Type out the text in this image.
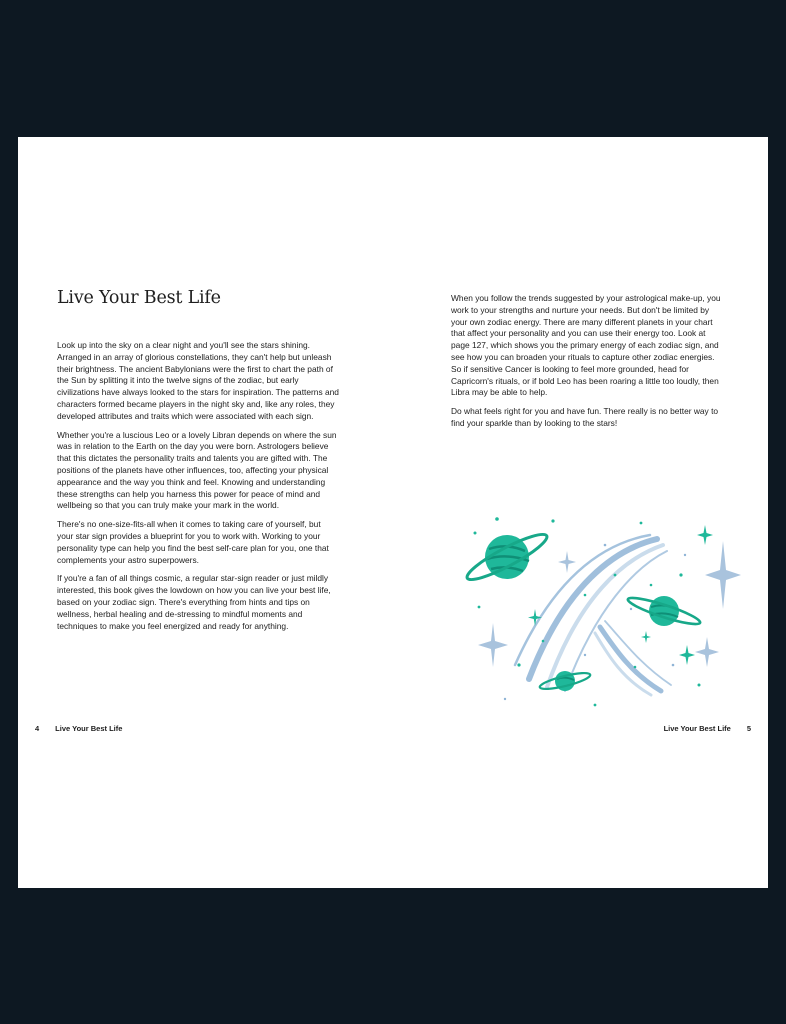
Live Your Best Life

Look up into the sky on a clear night and you'll see the stars shining. Arranged in an array of glorious constellations, they can't help but unleash their brightness. The ancient Babylonians were the first to chart the path of the Sun by splitting it into the twelve signs of the zodiac, but early civilizations have always looked to the stars for inspiration. The patterns and characters formed became players in the night sky and, like any roles, they developed attributes and traits which were associated with each sign.

Whether you're a luscious Leo or a lovely Libran depends on where the sun was in relation to the Earth on the day you were born. Astrologers believe that this dictates the personality traits and talents you are gifted with. The positions of the planets have other influences, too, affecting your physical appearance and the way you think and feel. Knowing and understanding these strengths can help you harness this power for peace of mind and wellbeing so that you can truly make your mark in the world.

There's no one-size-fits-all when it comes to taking care of yourself, but your star sign provides a blueprint for you to work with. Working to your personality type can help you find the best self-care plan for you, one that complements your astro superpowers.

If you're a fan of all things cosmic, a regular star-sign reader or just mildly interested, this book gives the lowdown on how you can live your best life, based on your zodiac sign. There's everything from hints and tips on wellness, herbal healing and de-stressing to mindful moments and techniques to make you feel energized and ready for anything.

When you follow the trends suggested by your astrological make-up, you work to your strengths and nurture your needs. But don't be limited by your own zodiac energy. There are many different planets in your chart that affect your personality and you can use their energy too. Look at page 127, which shows you the primary energy of each zodiac sign, and see how you can broaden your rituals to capture other zodiac energies. So if sensitive Cancer is looking to feel more grounded, head for Capricorn's rituals, or if bold Leo has been roaring a little too loudly, then Libra may be able to help.

Do what feels right for you and have fun. There really is no better way to find your sparkle than by looking to the stars!

4 Live Your Best Life	Live Your Best Life 5
